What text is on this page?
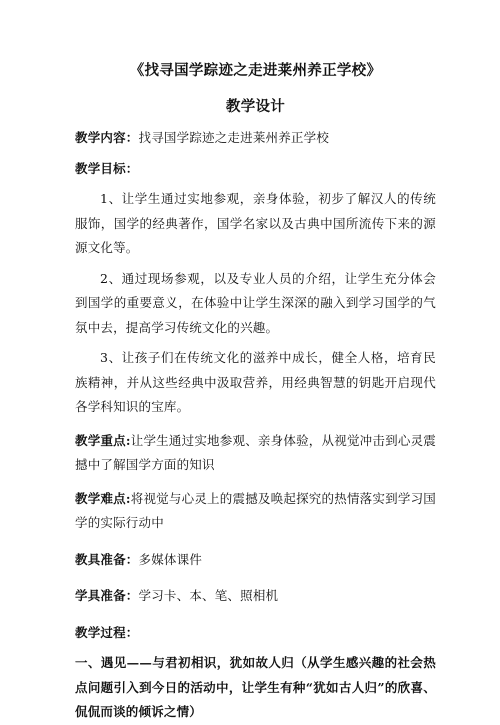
《找寻国学踪迹之走进莱州养正学校》

教学设计

教学内容：找寻国学踪迹之走进莱州养正学校

教学目标：

1、让学生通过实地参观，亲身体验，初步了解汉人的传统服饰，国学的经典著作，国学名家以及古典中国所流传下来的源源文化等。

2、通过现场参观，以及专业人员的介绍，让学生充分体会到国学的重要意义，在体验中让学生深深的融入到学习国学的气氛中去，提高学习传统文化的兴趣。

3、让孩子们在传统文化的滋养中成长，健全人格，培育民族精神，并从这些经典中汲取营养，用经典智慧的钥匙开启现代各学科知识的宝库。

教学重点:让学生通过实地参观、亲身体验，从视觉冲击到心灵震撼中了解国学方面的知识

教学难点:将视觉与心灵上的震撼及唤起探究的热情落实到学习国学的实际行动中

教具准备：多媒体课件

学具准备：学习卡、本、笔、照相机

教学过程：

一、遇见——与君初相识，犹如故人归（从学生感兴趣的社会热点问题引入到今日的活动中，让学生有种“犹如古人归”的欣喜、侃侃而谈的倾诉之情）
